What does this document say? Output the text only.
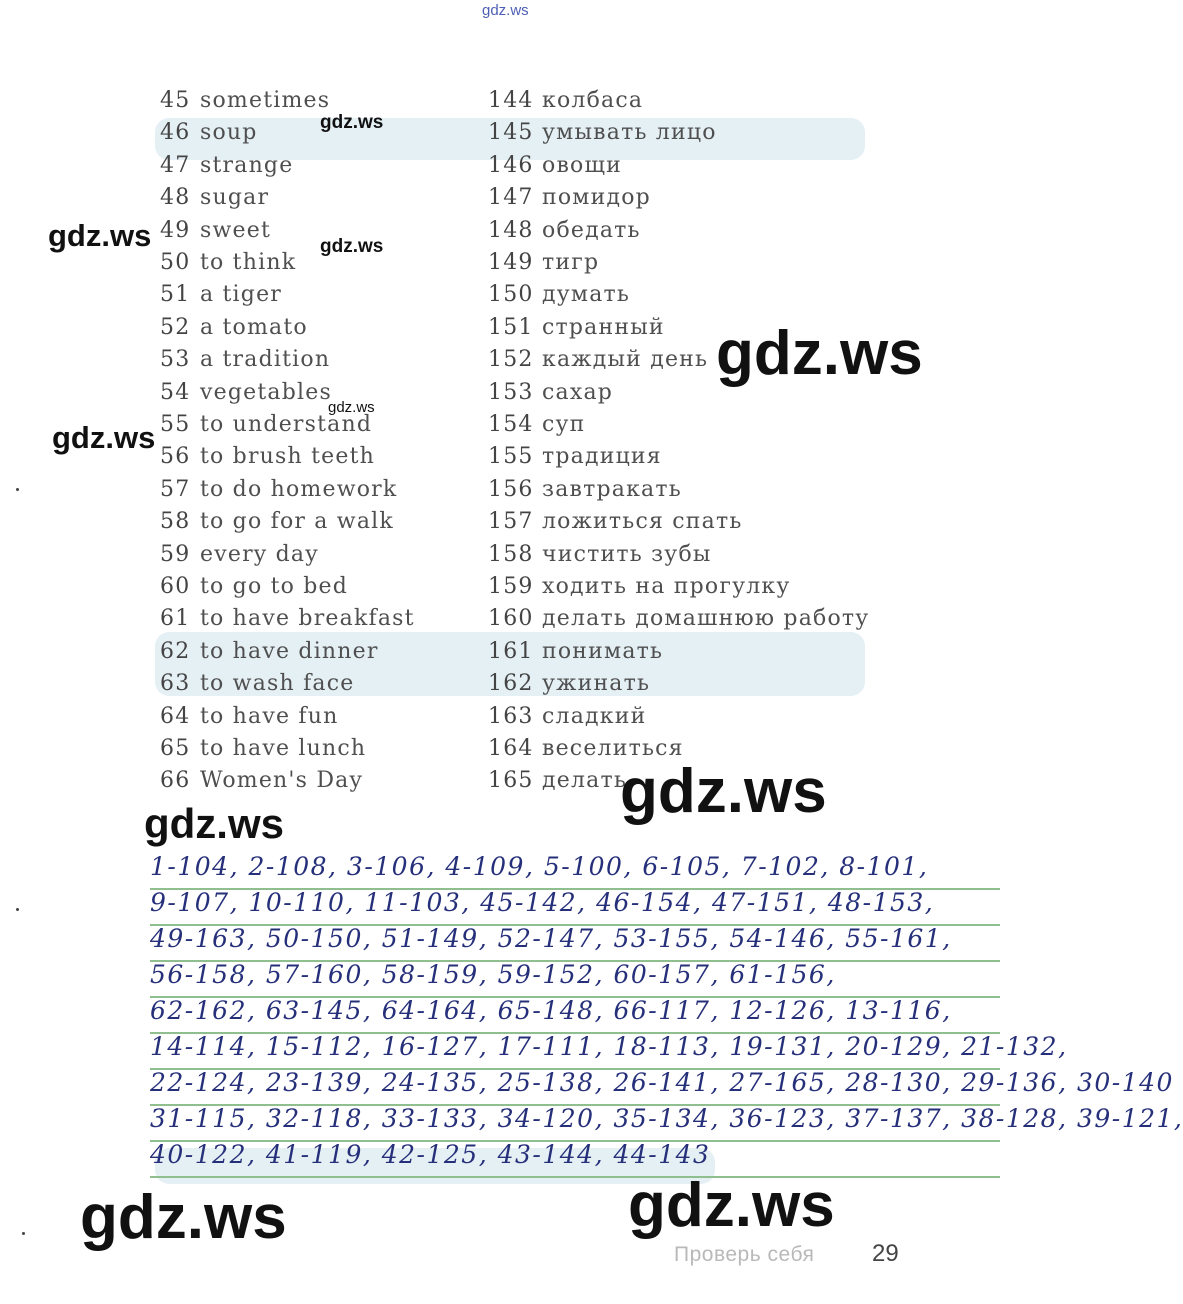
gdz.ws
45 sometimes
46 soup
47 strange
48 sugar
49 sweet
50 to think
51 a tiger
52 a tomato
53 a tradition
54 vegetables
55 to understand
56 to brush teeth
57 to do homework
58 to go for a walk
59 every day
60 to go to bed
61 to have breakfast
62 to have dinner
63 to wash face
64 to have fun
65 to have lunch
66 Women's Day
144 колбаса
145 умывать лицо
146 овощи
147 помидор
148 обедать
149 тигр
150 думать
151 странный
152 каждый день
153 сахар
154 суп
155 традиция
156 завтракать
157 ложиться спать
158 чистить зубы
159 ходить на прогулку
160 делать домашнюю работу
161 понимать
162 ужинать
163 сладкий
164 веселиться
165 делать
1-104, 2-108, 3-106, 4-109, 5-100, 6-105, 7-102, 8-101,
9-107, 10-110, 11-103, 45-142, 46-154, 47-151, 48-153,
49-163, 50-150, 51-149, 52-147, 53-155, 54-146, 55-161,
56-158, 57-160, 58-159, 59-152, 60-157, 61-156,
62-162, 63-145, 64-164, 65-148, 66-117, 12-126, 13-116,
14-114, 15-112, 16-127, 17-111, 18-113, 19-131, 20-129, 21-132,
22-124, 23-139, 24-135, 25-138, 26-141, 27-165, 28-130, 29-136, 30-140
31-115, 32-118, 33-133, 34-120, 35-134, 36-123, 37-137, 38-128, 39-121,
40-122, 41-119, 42-125, 43-144, 44-143
gdz.ws
gdz.ws	gdz.ws
gdz.ws
gdz.ws
gdz.ws
gdz.ws
gdz.ws
gdz.ws
gdz.ws
Проверь себя 29
